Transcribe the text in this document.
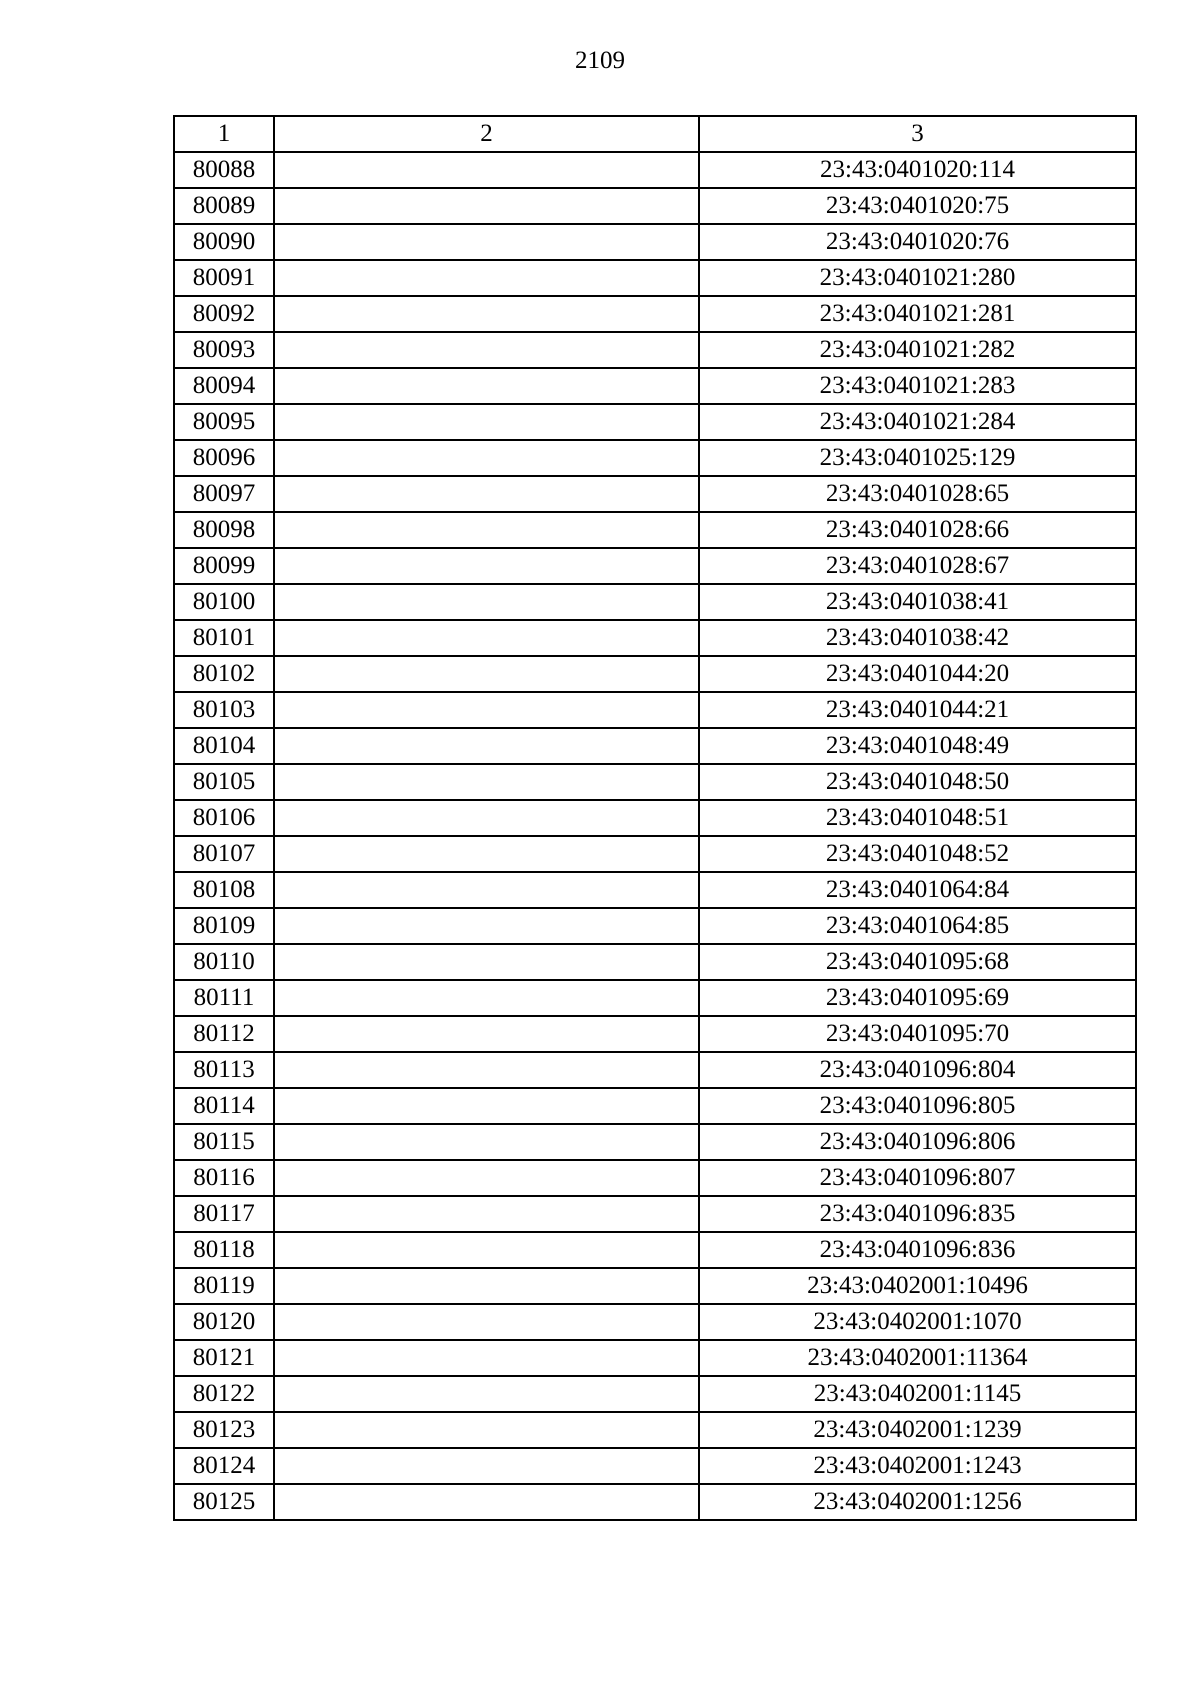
2109
1	2	3
80088		23:43:0401020:114
80089		23:43:0401020:75
80090		23:43:0401020:76
80091		23:43:0401021:280
80092		23:43:0401021:281
80093		23:43:0401021:282
80094		23:43:0401021:283
80095		23:43:0401021:284
80096		23:43:0401025:129
80097		23:43:0401028:65
80098		23:43:0401028:66
80099		23:43:0401028:67
80100		23:43:0401038:41
80101		23:43:0401038:42
80102		23:43:0401044:20
80103		23:43:0401044:21
80104		23:43:0401048:49
80105		23:43:0401048:50
80106		23:43:0401048:51
80107		23:43:0401048:52
80108		23:43:0401064:84
80109		23:43:0401064:85
80110		23:43:0401095:68
80111		23:43:0401095:69
80112		23:43:0401095:70
80113		23:43:0401096:804
80114		23:43:0401096:805
80115		23:43:0401096:806
80116		23:43:0401096:807
80117		23:43:0401096:835
80118		23:43:0401096:836
80119		23:43:0402001:10496
80120		23:43:0402001:1070
80121		23:43:0402001:11364
80122		23:43:0402001:1145
80123		23:43:0402001:1239
80124		23:43:0402001:1243
80125		23:43:0402001:1256
